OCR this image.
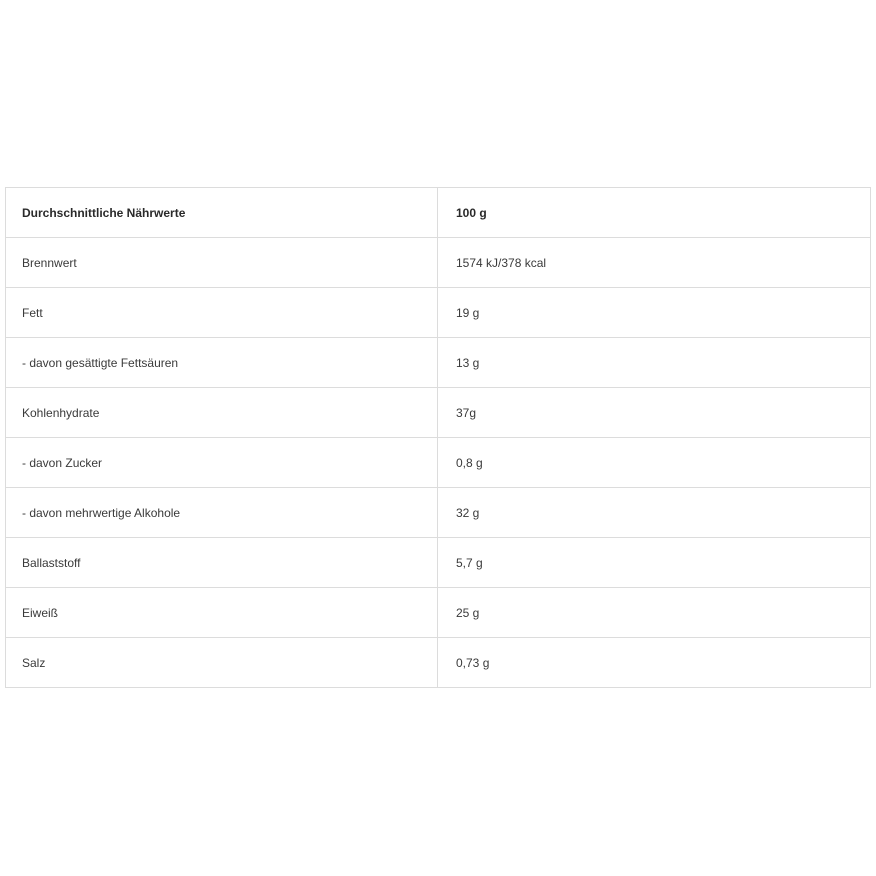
Durchschnittliche Nährwerte	100 g
Brennwert	1574 kJ/378 kcal
Fett	19 g
- davon gesättigte Fettsäuren	13 g
Kohlenhydrate	37g
- davon Zucker	0,8 g
- davon mehrwertige Alkohole	32 g
Ballaststoff	5,7 g
Eiweiß	25 g
Salz	0,73 g
